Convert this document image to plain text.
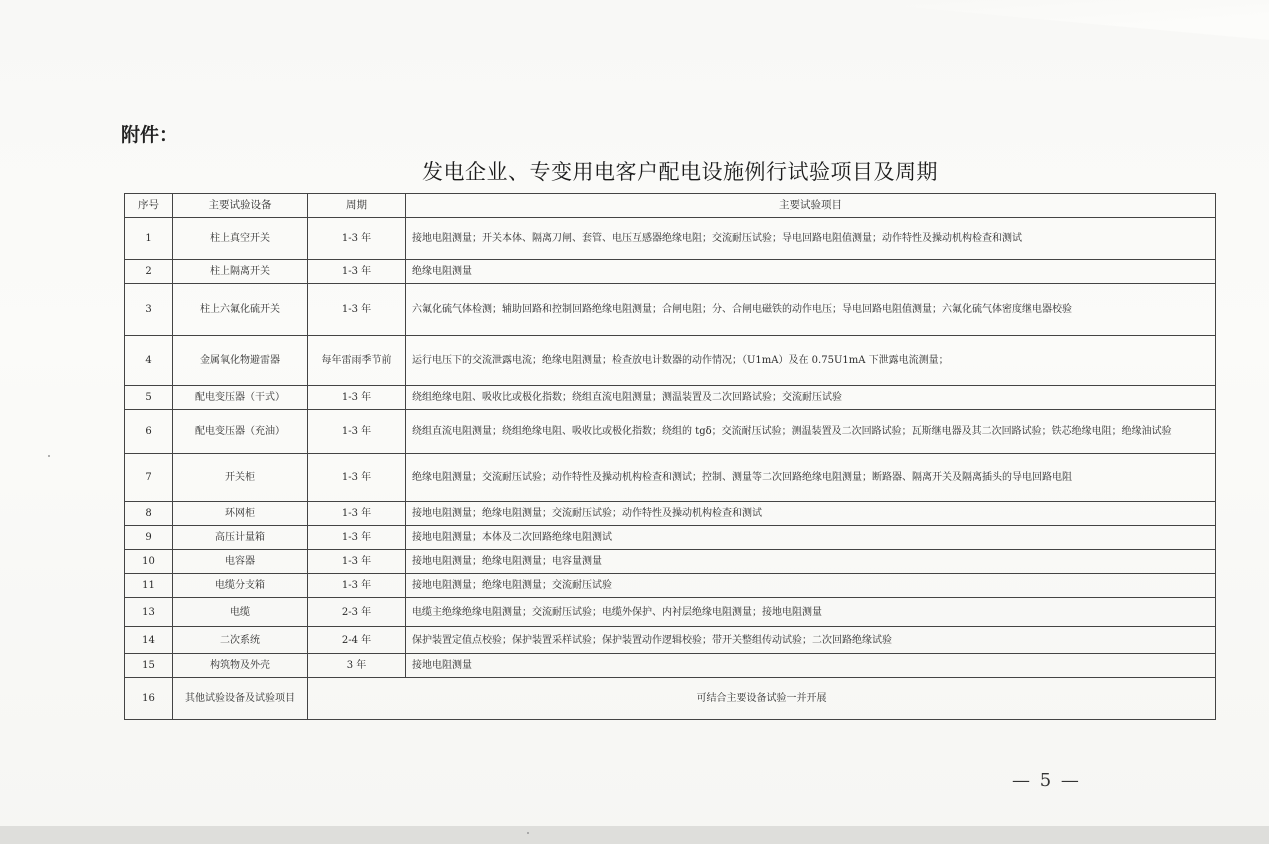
附件：
发电企业、专变用电客户配电设施例行试验项目及周期
序号	主要试验设备	周期	主要试验项目
1	柱上真空开关	1-3 年	接地电阻测量；开关本体、隔离刀闸、套管、电压互感器绝缘电阻；交流耐压试验；导电回路电阻值测量；动作特性及操动机构检查和测试
2	柱上隔离开关	1-3 年	绝缘电阻测量
3	柱上六氟化硫开关	1-3 年	六氟化硫气体检测；辅助回路和控制回路绝缘电阻测量；合闸电阻；分、合闸电磁铁的动作电压；导电回路电阻值测量；六氟化硫气体密度继电器校验
4	金属氧化物避雷器	每年雷雨季节前	运行电压下的交流泄露电流；绝缘电阻测量；检查放电计数器的动作情况；（U1mA）及在 0.75U1mA 下泄露电流测量；
5	配电变压器（干式）	1-3 年	绕组绝缘电阻、吸收比或极化指数；绕组直流电阻测量；测温装置及二次回路试验；交流耐压试验
6	配电变压器（充油）	1-3 年	绕组直流电阻测量；绕组绝缘电阻、吸收比或极化指数；绕组的 tgδ；交流耐压试验；测温装置及二次回路试验；瓦斯继电器及其二次回路试验；铁芯绝缘电阻；绝缘油试验
7	开关柜	1-3 年	绝缘电阻测量；交流耐压试验；动作特性及操动机构检查和测试；控制、测量等二次回路绝缘电阻测量；断路器、隔离开关及隔离插头的导电回路电阻
8	环网柜	1-3 年	接地电阻测量；绝缘电阻测量；交流耐压试验；动作特性及操动机构检查和测试
9	高压计量箱	1-3 年	接地电阻测量；本体及二次回路绝缘电阻测试
10	电容器	1-3 年	接地电阻测量；绝缘电阻测量；电容量测量
11	电缆分支箱	1-3 年	接地电阻测量；绝缘电阻测量；交流耐压试验
13	电缆	2-3 年	电缆主绝缘绝缘电阻测量；交流耐压试验；电缆外保护、内衬层绝缘电阻测量；接地电阻测量
14	二次系统	2-4 年	保护装置定值点校验；保护装置采样试验；保护装置动作逻辑校验；带开关整组传动试验；二次回路绝缘试验
15	构筑物及外壳	3 年	接地电阻测量
16	其他试验设备及试验项目	可结合主要设备试验一并开展	
— 5 —
